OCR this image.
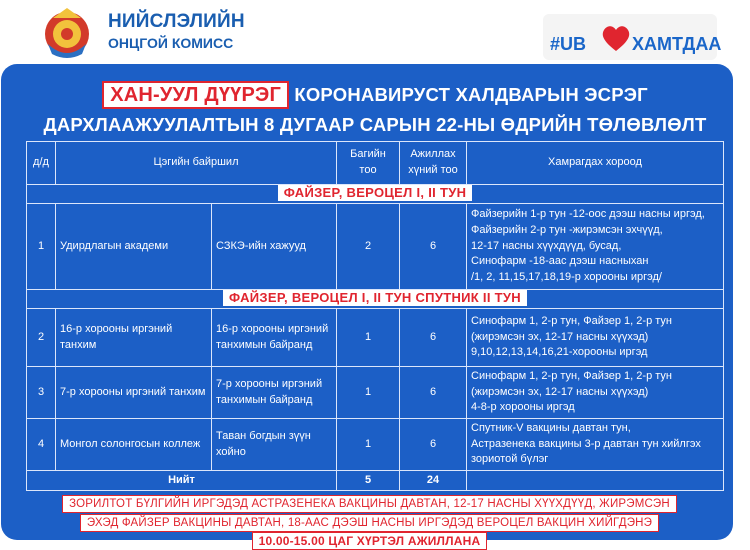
НИЙСЛЭЛИЙН
ОНЦГОЙ КОМИСС	#UB	ХАМТДАА
ХАН-УУЛ ДҮҮРЭГ КОРОНАВИРУСТ ХАЛДВАРЫН ЭСРЭГ
ДАРХЛААЖУУЛАЛТЫН 8 ДУГААР САРЫН 22-НЫ ӨДРИЙН ТӨЛӨВЛӨЛТ
д/д	Цэгийн байршил		Багийн тоо	Ажиллах хүний тоо	Хамрагдах хороод
ФАЙЗЕР, ВЕРОЦЕЛ I, II ТУН					
1	Удирдлагын академи	СЗКЭ-ийн хажууд	2	6	Файзерийн 1-р тун -12-оос дээш насны иргэд,
Файзерийн 2-р тун -жирэмсэн эхчүүд,
12-17 насны хүүхдүүд, бусад,
Синофарм -18-аас дээш насныхан
/1, 2, 11,15,17,18,19-р хорооны иргэд/

ФАЙЗЕР, ВЕРОЦЕЛ I, II ТУН СПУТНИК II ТУН					
2	16-р хорооны иргэний танхим	16-р хорооны иргэний танхимын байранд	1	6	Синофарм 1, 2-р тун, Файзер 1, 2-р тун
(жирэмсэн эх, 12-17 насны хүүхэд)
9,10,12,13,14,16,21-хорооны иргэд

3	7-р хорооны иргэний танхим	7-р хорооны иргэний танхимын байранд	1	6	Синофарм 1, 2-р тун, Файзер 1, 2-р тун
(жирэмсэн эх, 12-17 насны хүүхэд)
4-8-р хорооны иргэд

4	Монгол солонгосын коллеж	Таван богдын зүүн хойно	1	6	Спутник-V вакцины давтан тун,
Астразенека вакцины 3-р давтан тун хийлгэх
зориотой бүлэг

Нийт			5	24	
ЗОРИЛТОТ БҮЛГИЙН ИРГЭДЭД АСТРАЗЕНЕКА ВАКЦИНЫ ДАВТАН, 12-17 НАСНЫ ХҮҮХДҮҮД, ЖИРЭМСЭН
ЭХЭД ФАЙЗЕР ВАКЦИНЫ ДАВТАН, 18-ААС ДЭЭШ НАСНЫ ИРГЭДЭД ВЕРОЦЕЛ ВАКЦИН ХИЙГДЭНЭ
10.00-15.00 ЦАГ ХҮРТЭЛ АЖИЛЛАНА
